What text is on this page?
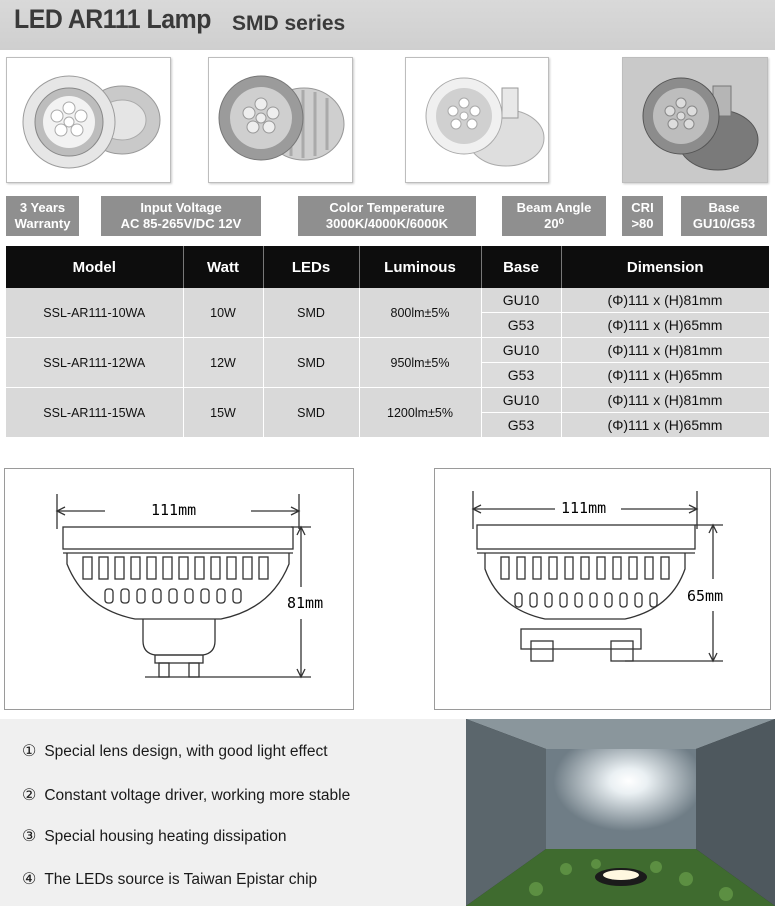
LED AR111 Lamp SMD series
3 Years
Warranty
Input Voltage
AC 85-265V/DC 12V
Color Temperature
3000K/4000K/6000K
Beam Angle
20⁰
CRI
>80
Base
GU10/G53
Model	Watt	LEDs	Luminous	Base	Dimension
SSL-AR111-10WA	10W	SMD	800lm±5%	GU10	(Φ)111 x (H)81mm
				G53	(Φ)111 x (H)65mm
SSL-AR111-12WA	12W	SMD	950lm±5%	GU10	(Φ)111 x (H)81mm
				G53	(Φ)111 x (H)65mm
SSL-AR111-15WA	15W	SMD	1200lm±5%	GU10	(Φ)111 x (H)81mm
				G53	(Φ)111 x (H)65mm
111mm
81mm
111mm
65mm
① Special lens design, with good light effect
② Constant voltage driver, working more stable
③ Special housing heating dissipation
④ The LEDs source is Taiwan Epistar chip
